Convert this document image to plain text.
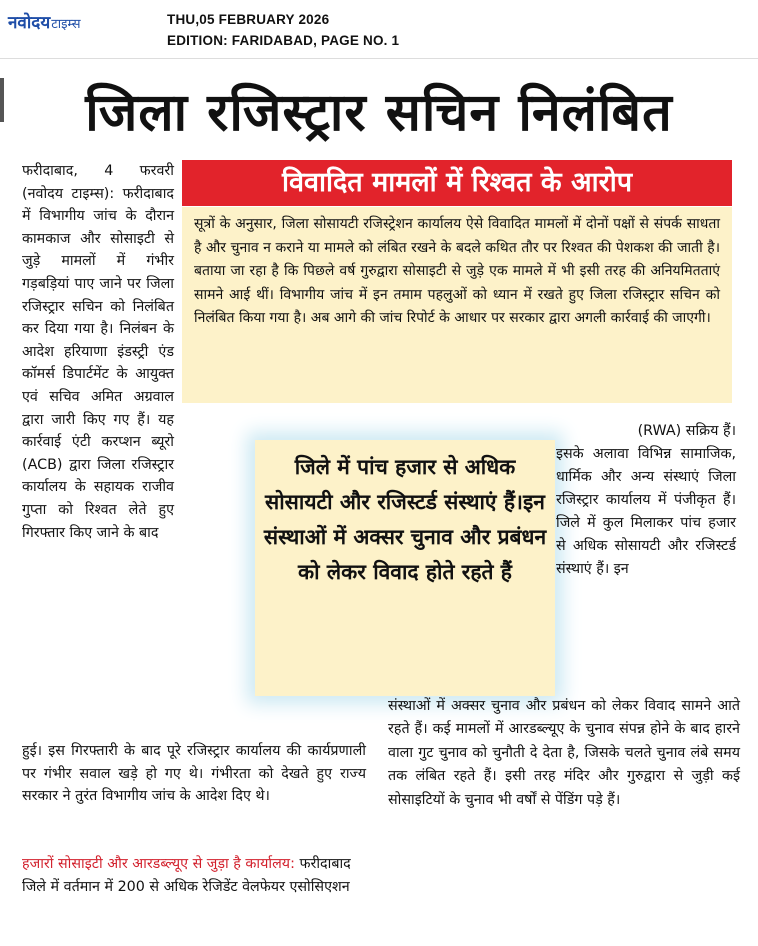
नवोदयटाइम्स	THU,05 FEBRUARY 2026
EDITION: FARIDABAD, PAGE NO. 1
जिला रजिस्ट्रार सचिन निलंबित

फरीदाबाद, 4 फरवरी (नवोदय टाइम्स): फरीदाबाद में विभागीय जांच के दौरान कामकाज और सोसाइटी से जुड़े मामलों में गंभीर गड़बड़ियां पाए जाने पर जिला रजिस्ट्रार सचिन को निलंबित कर दिया गया है। निलंबन के आदेश हरियाणा इंडस्ट्री एंड कॉमर्स डिपार्टमेंट के आयुक्त एवं सचिव अमित अग्रवाल द्वारा जारी किए गए हैं। यह कार्रवाई एंटी करप्शन ब्यूरो (ACB) द्वारा जिला रजिस्ट्रार कार्यालय के सहायक राजीव गुप्ता को रिश्वत लेते हुए गिरफ्तार किए जाने के बाद

विवादित मामलों में रिश्वत के आरोप

सूत्रों के अनुसार, जिला सोसायटी रजिस्ट्रेशन कार्यालय ऐसे विवादित मामलों में दोनों पक्षों से संपर्क साधता है और चुनाव न कराने या मामले को लंबित रखने के बदले कथित तौर पर रिश्वत की पेशकश की जाती है। बताया जा रहा है कि पिछले वर्ष गुरुद्वारा सोसाइटी से जुड़े एक मामले में भी इसी तरह की अनियमितताएं सामने आई थीं। विभागीय जांच में इन तमाम पहलुओं को ध्यान में रखते हुए जिला रजिस्ट्रार सचिन को निलंबित किया गया है। अब आगे की जांच रिपोर्ट के आधार पर सरकार द्वारा अगली कार्रवाई की जाएगी।

जिले में पांच हजार से अधिक सोसायटी और रजिस्टर्ड संस्थाएं हैं।इन संस्थाओं में अक्सर चुनाव और प्रबंधन को लेकर विवाद होते रहते हैं

(RWA) सक्रिय हैं।

इसके अलावा विभिन्न सामाजिक, धार्मिक और अन्य संस्थाएं जिला रजिस्ट्रार कार्यालय में पंजीकृत हैं। जिले में कुल मिलाकर पांच हजार से अधिक सोसायटी और रजिस्टर्ड संस्थाएं हैं। इन

संस्थाओं में अक्सर चुनाव और प्रबंधन को लेकर विवाद सामने आते रहते हैं। कई मामलों में आरडब्ल्यूए के चुनाव संपन्न होने के बाद हारने वाला गुट चुनाव को चुनौती दे देता है, जिसके चलते चुनाव लंबे समय तक लंबित रहते हैं। इसी तरह मंदिर और गुरुद्वारा से जुड़ी कई सोसाइटियों के चुनाव भी वर्षों से पेंडिंग पड़े हैं।

हुई। इस गिरफ्तारी के बाद पूरे रजिस्ट्रार कार्यालय की कार्यप्रणाली पर गंभीर सवाल खड़े हो गए थे। गंभीरता को देखते हुए राज्य सरकार ने तुरंत विभागीय जांच के आदेश दिए थे।

हजारों सोसाइटी और आरडब्ल्यूए से जुड़ा है कार्यालय: फरीदाबाद जिले में वर्तमान में 200 से अधिक रेजिडेंट वेलफेयर एसोसिएशन
